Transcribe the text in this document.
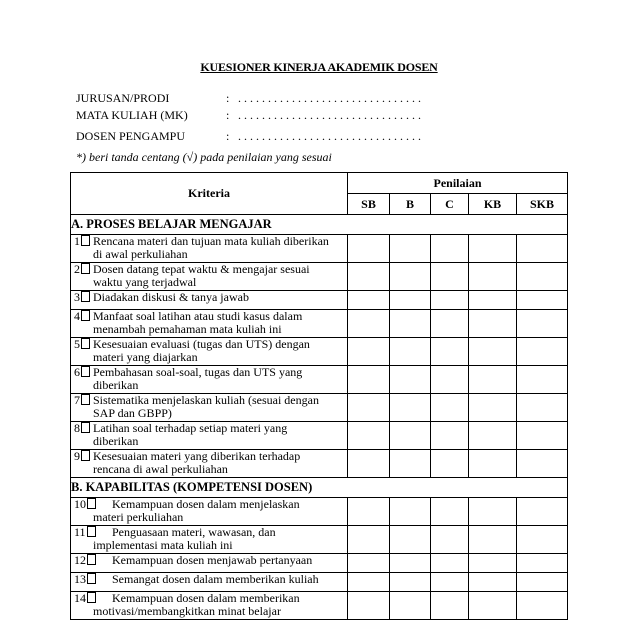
KUESIONER KINERJA AKADEMIK DOSEN
JURUSAN/PRODI	: . . . . . . . . . . . . . . . . . . . . . . . . . . . . . . .
MATA KULIAH (MK)	: . . . . . . . . . . . . . . . . . . . . . . . . . . . . . . .
DOSEN PENGAMPU	: . . . . . . . . . . . . . . . . . . . . . . . . . . . . . . .
*) beri tanda centang (√) pada penilaian yang sesuai
Kriteria	Penilaian				
	SB	B	C	KB	SKB
A. PROSES BELAJAR MENGAJAR					
1 Rencana materi dan tujuan mata kuliah diberikan
di awal perkuliahan					

2 Dosen datang tepat waktu & mengajar sesuai
waktu yang terjadwal					

3 Diadakan diskusi & tanya jawab					
4 Manfaat soal latihan atau studi kasus dalam
menambah pemahaman mata kuliah ini					

5 Kesesuaian evaluasi (tugas dan UTS) dengan
materi yang diajarkan					

6 Pembahasan soal-soal, tugas dan UTS yang
diberikan					

7 Sistematika menjelaskan kuliah (sesuai dengan
SAP dan GBPP)					

8 Latihan soal terhadap setiap materi yang
diberikan					

9 Kesesuaian materi yang diberikan terhadap
rencana di awal perkuliahan					

B. KAPABILITAS (KOMPETENSI DOSEN)					
10 Kemampuan dosen dalam menjelaskan
materi perkuliahan					

11 Penguasaan materi, wawasan, dan
implementasi mata kuliah ini					

12 Kemampuan dosen menjawab pertanyaan					
13 Semangat dosen dalam memberikan kuliah					
14 Kemampuan dosen dalam memberikan
motivasi/membangkitkan minat belajar					
